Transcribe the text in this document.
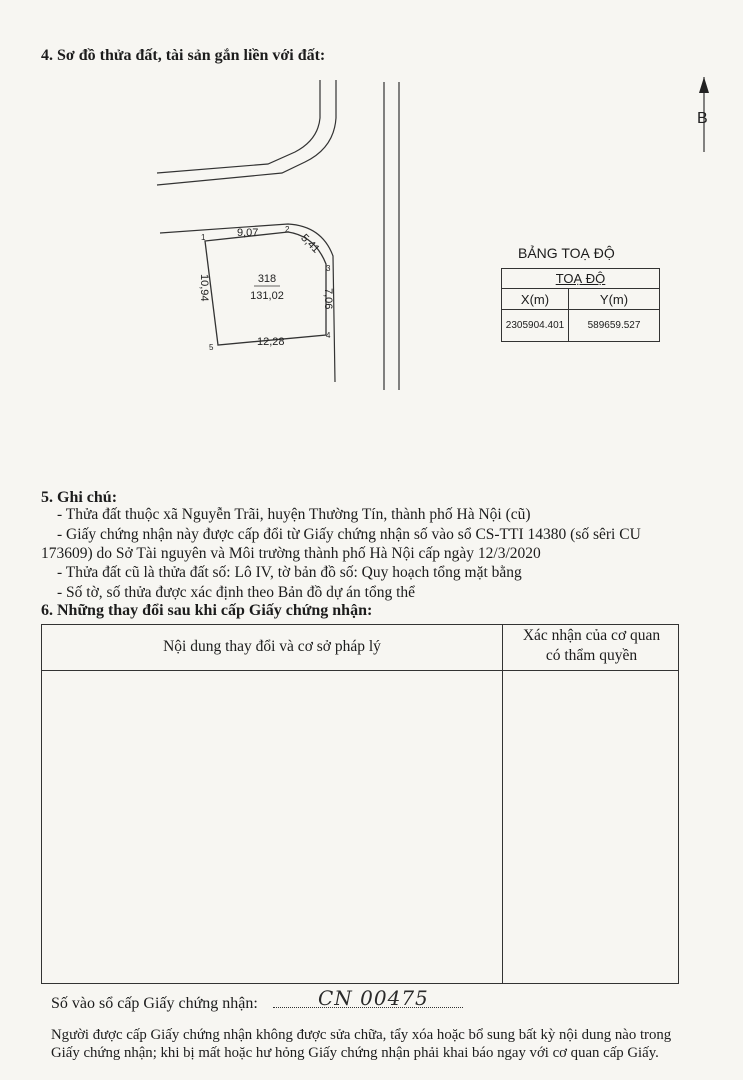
4. Sơ đồ thửa đất, tài sản gắn liền với đất:
B
9,07	5,41
7,06
12,28
10,94
1
2
3
4
5
318
131,02
BẢNG TOẠ ĐỘ
TOẠ ĐỘ	
X(m)	Y(m)
2305904.401	589659.527
5. Ghi chú:
- Thửa đất thuộc xã Nguyễn Trãi, huyện Thường Tín, thành phố Hà Nội (cũ)
- Giấy chứng nhận này được cấp đổi từ Giấy chứng nhận số vào sổ CS-TTI 14380 (số sêri CU
173609) do Sở Tài nguyên và Môi trường thành phố Hà Nội cấp ngày 12/3/2020
- Thửa đất cũ là thửa đất số: Lô IV, tờ bản đồ số: Quy hoạch tổng mặt bằng
- Số tờ, số thửa được xác định theo Bản đồ dự án tổng thể
6. Những thay đổi sau khi cấp Giấy chứng nhận:
Nội dung thay đổi và cơ sở pháp lý
Xác nhận của cơ quan
có thẩm quyền
Số vào sổ cấp Giấy chứng nhận:	CN 00475
Người được cấp Giấy chứng nhận không được sửa chữa, tẩy xóa hoặc bổ sung bất kỳ nội dung nào trong
Giấy chứng nhận; khi bị mất hoặc hư hỏng Giấy chứng nhận phải khai báo ngay với cơ quan cấp Giấy.
